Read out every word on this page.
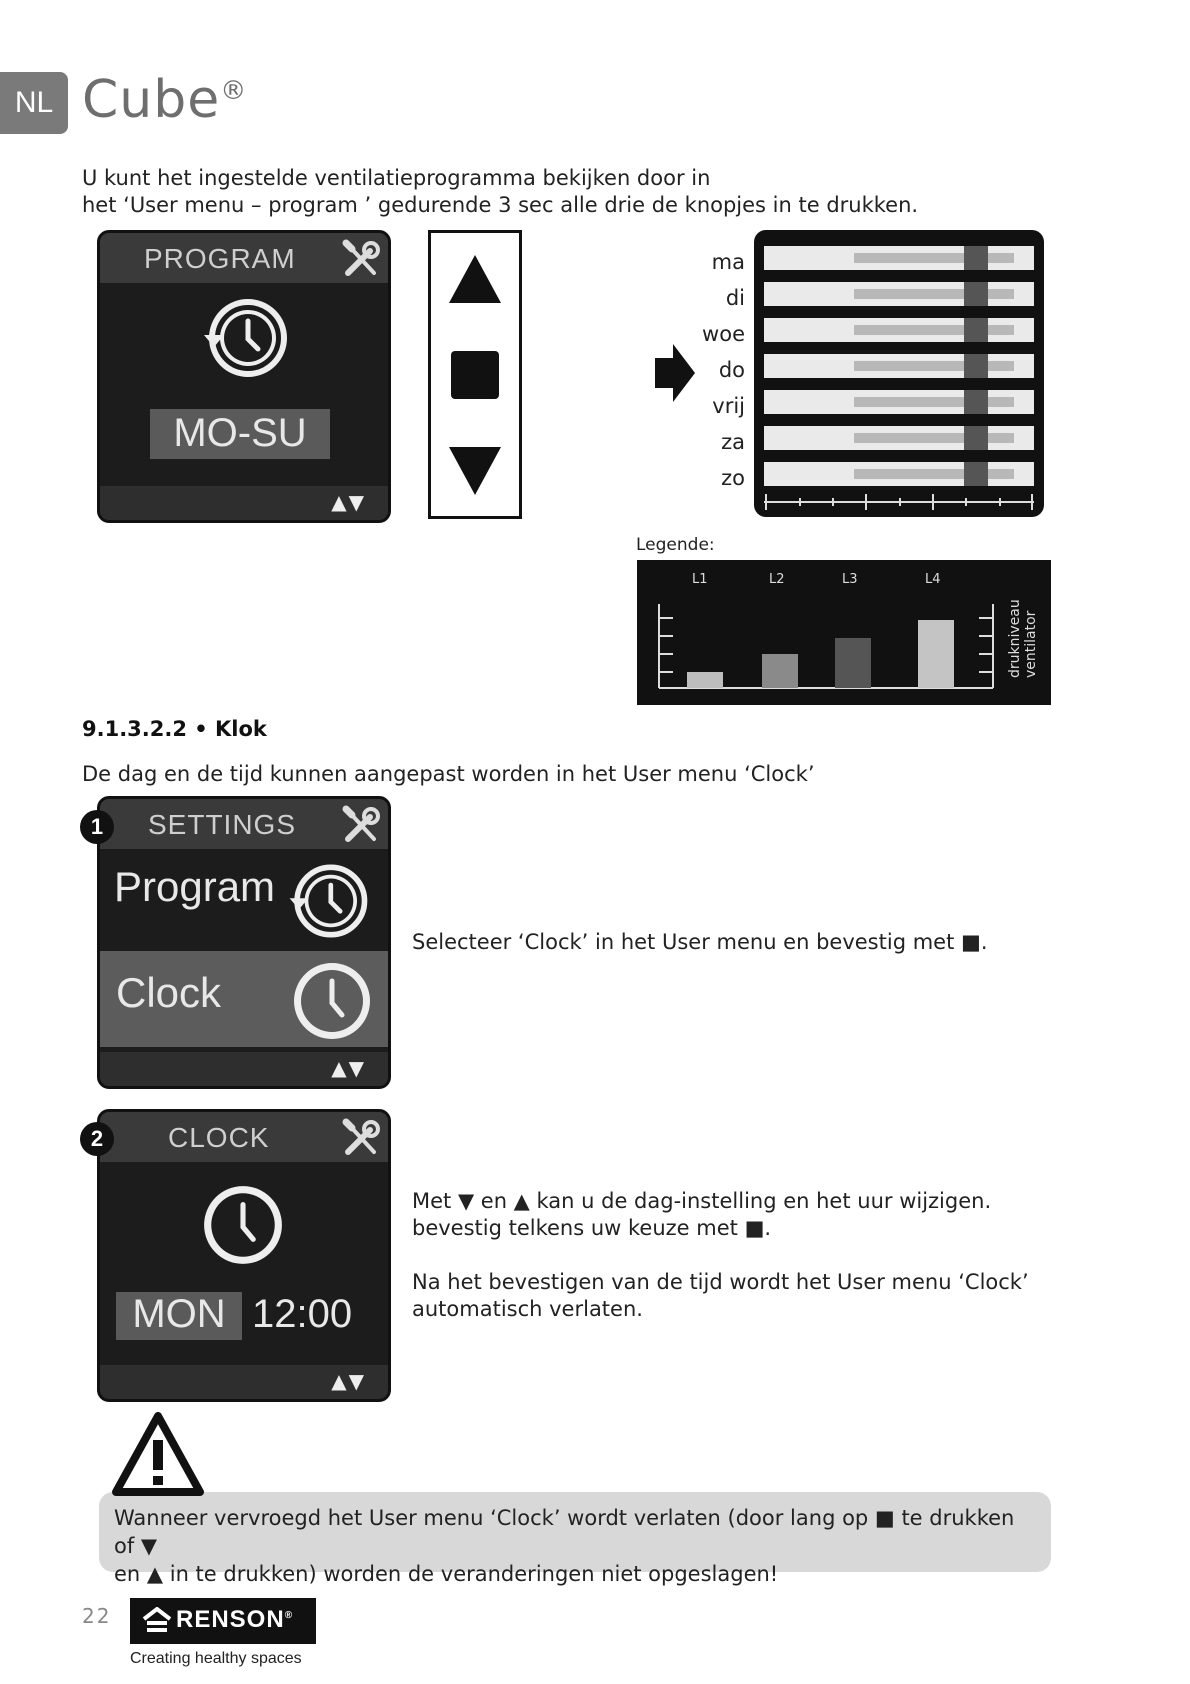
NL Cube®
U kunt het ingestelde ventilatieprogramma bekijken door in
het ‘User menu – program ’ gedurende 3 sec alle drie de knopjes in te drukken.
PROGRAM
MO-SU
▲▼
ma
di
woe
do
vrij
za
zo
Legende:
L1	L2	L3	L4
drukniveau ventilator
9.1.3.2.2 • Klok
De dag en de tijd kunnen aangepast worden in het User menu ‘Clock’
SETTINGS
Program
Clock
▲▼
1
Selecteer ‘Clock’ in het User menu en bevestig met ■.
CLOCK
MON 12:00
▲▼
2
Met ▼ en ▲ kan u de dag-instelling en het uur wijzigen.
bevestig telkens uw keuze met ■.
Na het bevestigen van de tijd wordt het User menu ‘Clock’
automatisch verlaten.
Wanneer vervroegd het User menu ‘Clock’ wordt verlaten (door lang op ■ te drukken of ▼
en ▲ in te drukken) worden de veranderingen niet opgeslagen!
22	RENSON®
Creating healthy spaces
